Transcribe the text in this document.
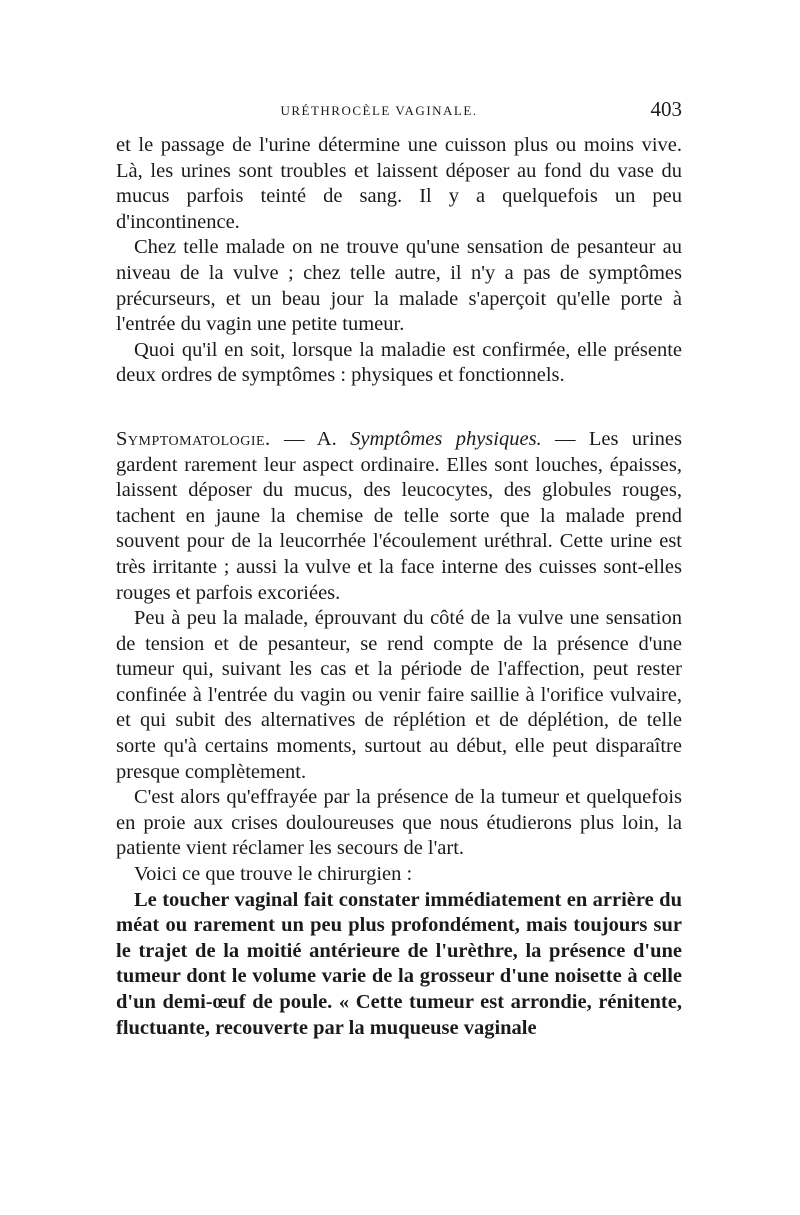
URÉTHROCÈLE VAGINALE.	403

et le passage de l'urine détermine une cuisson plus ou moins vive. Là, les urines sont troubles et laissent déposer au fond du vase du mucus parfois teinté de sang. Il y a quelquefois un peu d'incontinence.

Chez telle malade on ne trouve qu'une sensation de pesanteur au niveau de la vulve ; chez telle autre, il n'y a pas de symptômes précurseurs, et un beau jour la malade s'aperçoit qu'elle porte à l'entrée du vagin une petite tumeur.

Quoi qu'il en soit, lorsque la maladie est confirmée, elle présente deux ordres de symptômes : physiques et fonctionnels.

Symptomatologie. — A. Symptômes physiques. — Les urines gardent rarement leur aspect ordinaire. Elles sont louches, épaisses, laissent déposer du mucus, des leucocytes, des globules rouges, tachent en jaune la chemise de telle sorte que la malade prend souvent pour de la leucorrhée l'écoulement uréthral. Cette urine est très irritante ; aussi la vulve et la face interne des cuisses sont-elles rouges et parfois excoriées.

Peu à peu la malade, éprouvant du côté de la vulve une sensation de tension et de pesanteur, se rend compte de la présence d'une tumeur qui, suivant les cas et la période de l'affection, peut rester confinée à l'entrée du vagin ou venir faire saillie à l'orifice vulvaire, et qui subit des alternatives de réplétion et de déplétion, de telle sorte qu'à certains moments, surtout au début, elle peut disparaître presque complètement.

C'est alors qu'effrayée par la présence de la tumeur et quelquefois en proie aux crises douloureuses que nous étudierons plus loin, la patiente vient réclamer les secours de l'art.

Voici ce que trouve le chirurgien :

Le toucher vaginal fait constater immédiatement en arrière du méat ou rarement un peu plus profondément, mais toujours sur le trajet de la moitié antérieure de l'urèthre, la présence d'une tumeur dont le volume varie de la grosseur d'une noisette à celle d'un demi-œuf de poule. « Cette tumeur est arrondie, rénitente, fluctuante, recouverte par la muqueuse vaginale
